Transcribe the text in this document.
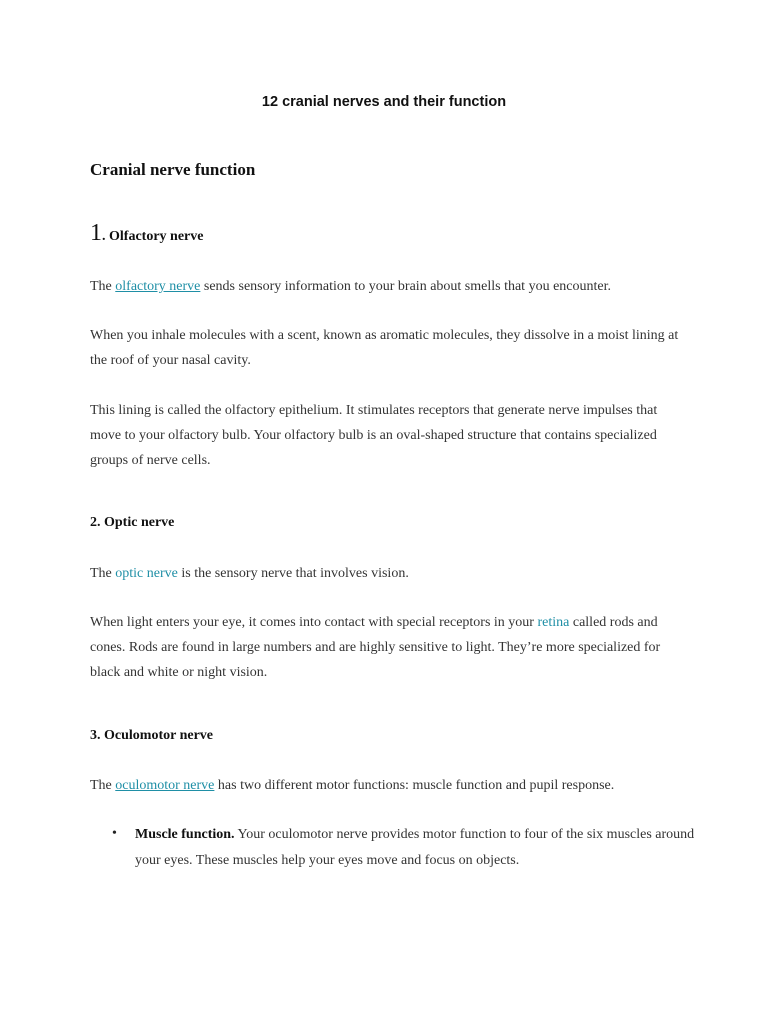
12 cranial nerves and their function
Cranial nerve function
1. Olfactory nerve
The olfactory nerve sends sensory information to your brain about smells that you encounter.
When you inhale molecules with a scent, known as aromatic molecules, they dissolve in a moist lining at the roof of your nasal cavity.
This lining is called the olfactory epithelium. It stimulates receptors that generate nerve impulses that move to your olfactory bulb. Your olfactory bulb is an oval-shaped structure that contains specialized groups of nerve cells.
2. Optic nerve
The optic nerve is the sensory nerve that involves vision.
When light enters your eye, it comes into contact with special receptors in your retina called rods and cones. Rods are found in large numbers and are highly sensitive to light. They’re more specialized for black and white or night vision.
3. Oculomotor nerve
The oculomotor nerve has two different motor functions: muscle function and pupil response.
• Muscle function. Your oculomotor nerve provides motor function to four of the six muscles around your eyes. These muscles help your eyes move and focus on objects.
